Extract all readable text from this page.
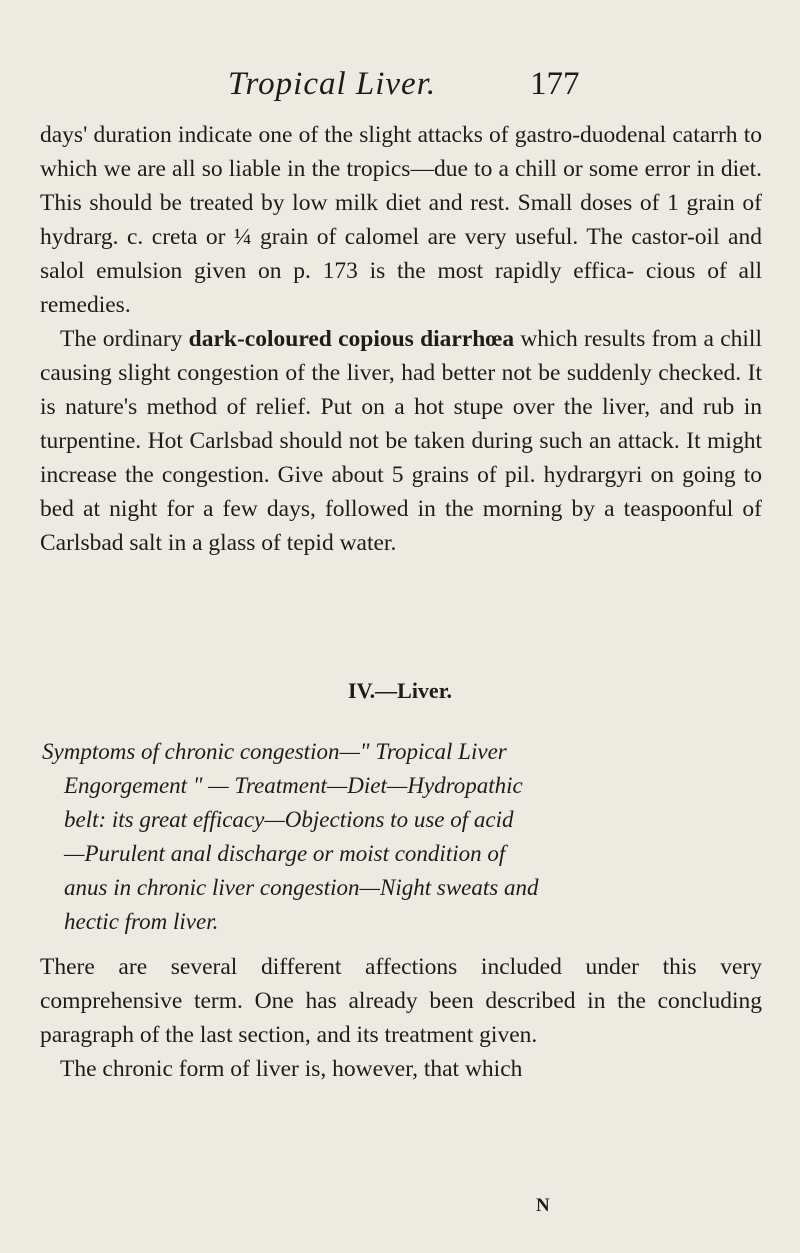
Tropical Liver.	177

days' duration indicate one of the slight attacks of gastro-duodenal catarrh to which we are all so liable in the tropics—due to a chill or some error in diet. This should be treated by low milk diet and rest. Small doses of 1 grain of hydrarg. c. creta or ¼ grain of calomel are very useful. The castor-oil and salol emulsion given on p. 173 is the most rapidly effica- cious of all remedies.

The ordinary dark-coloured copious diarrhœa which results from a chill causing slight congestion of the liver, had better not be suddenly checked. It is nature's method of relief. Put on a hot stupe over the liver, and rub in turpentine. Hot Carlsbad should not be taken during such an attack. It might increase the congestion. Give about 5 grains of pil. hydrargyri on going to bed at night for a few days, followed in the morning by a teaspoonful of Carlsbad salt in a glass of tepid water.

IV.—Liver.
Symptoms of chronic congestion—" Tropical Liver
Engorgement " — Treatment—Diet—Hydropathic
belt: its great efficacy—Objections to use of acid
—Purulent anal discharge or moist condition of
anus in chronic liver congestion—Night sweats and
hectic from liver.

There are several different affections included under this very comprehensive term. One has already been described in the concluding paragraph of the last section, and its treatment given.

The chronic form of liver is, however, that which

N
